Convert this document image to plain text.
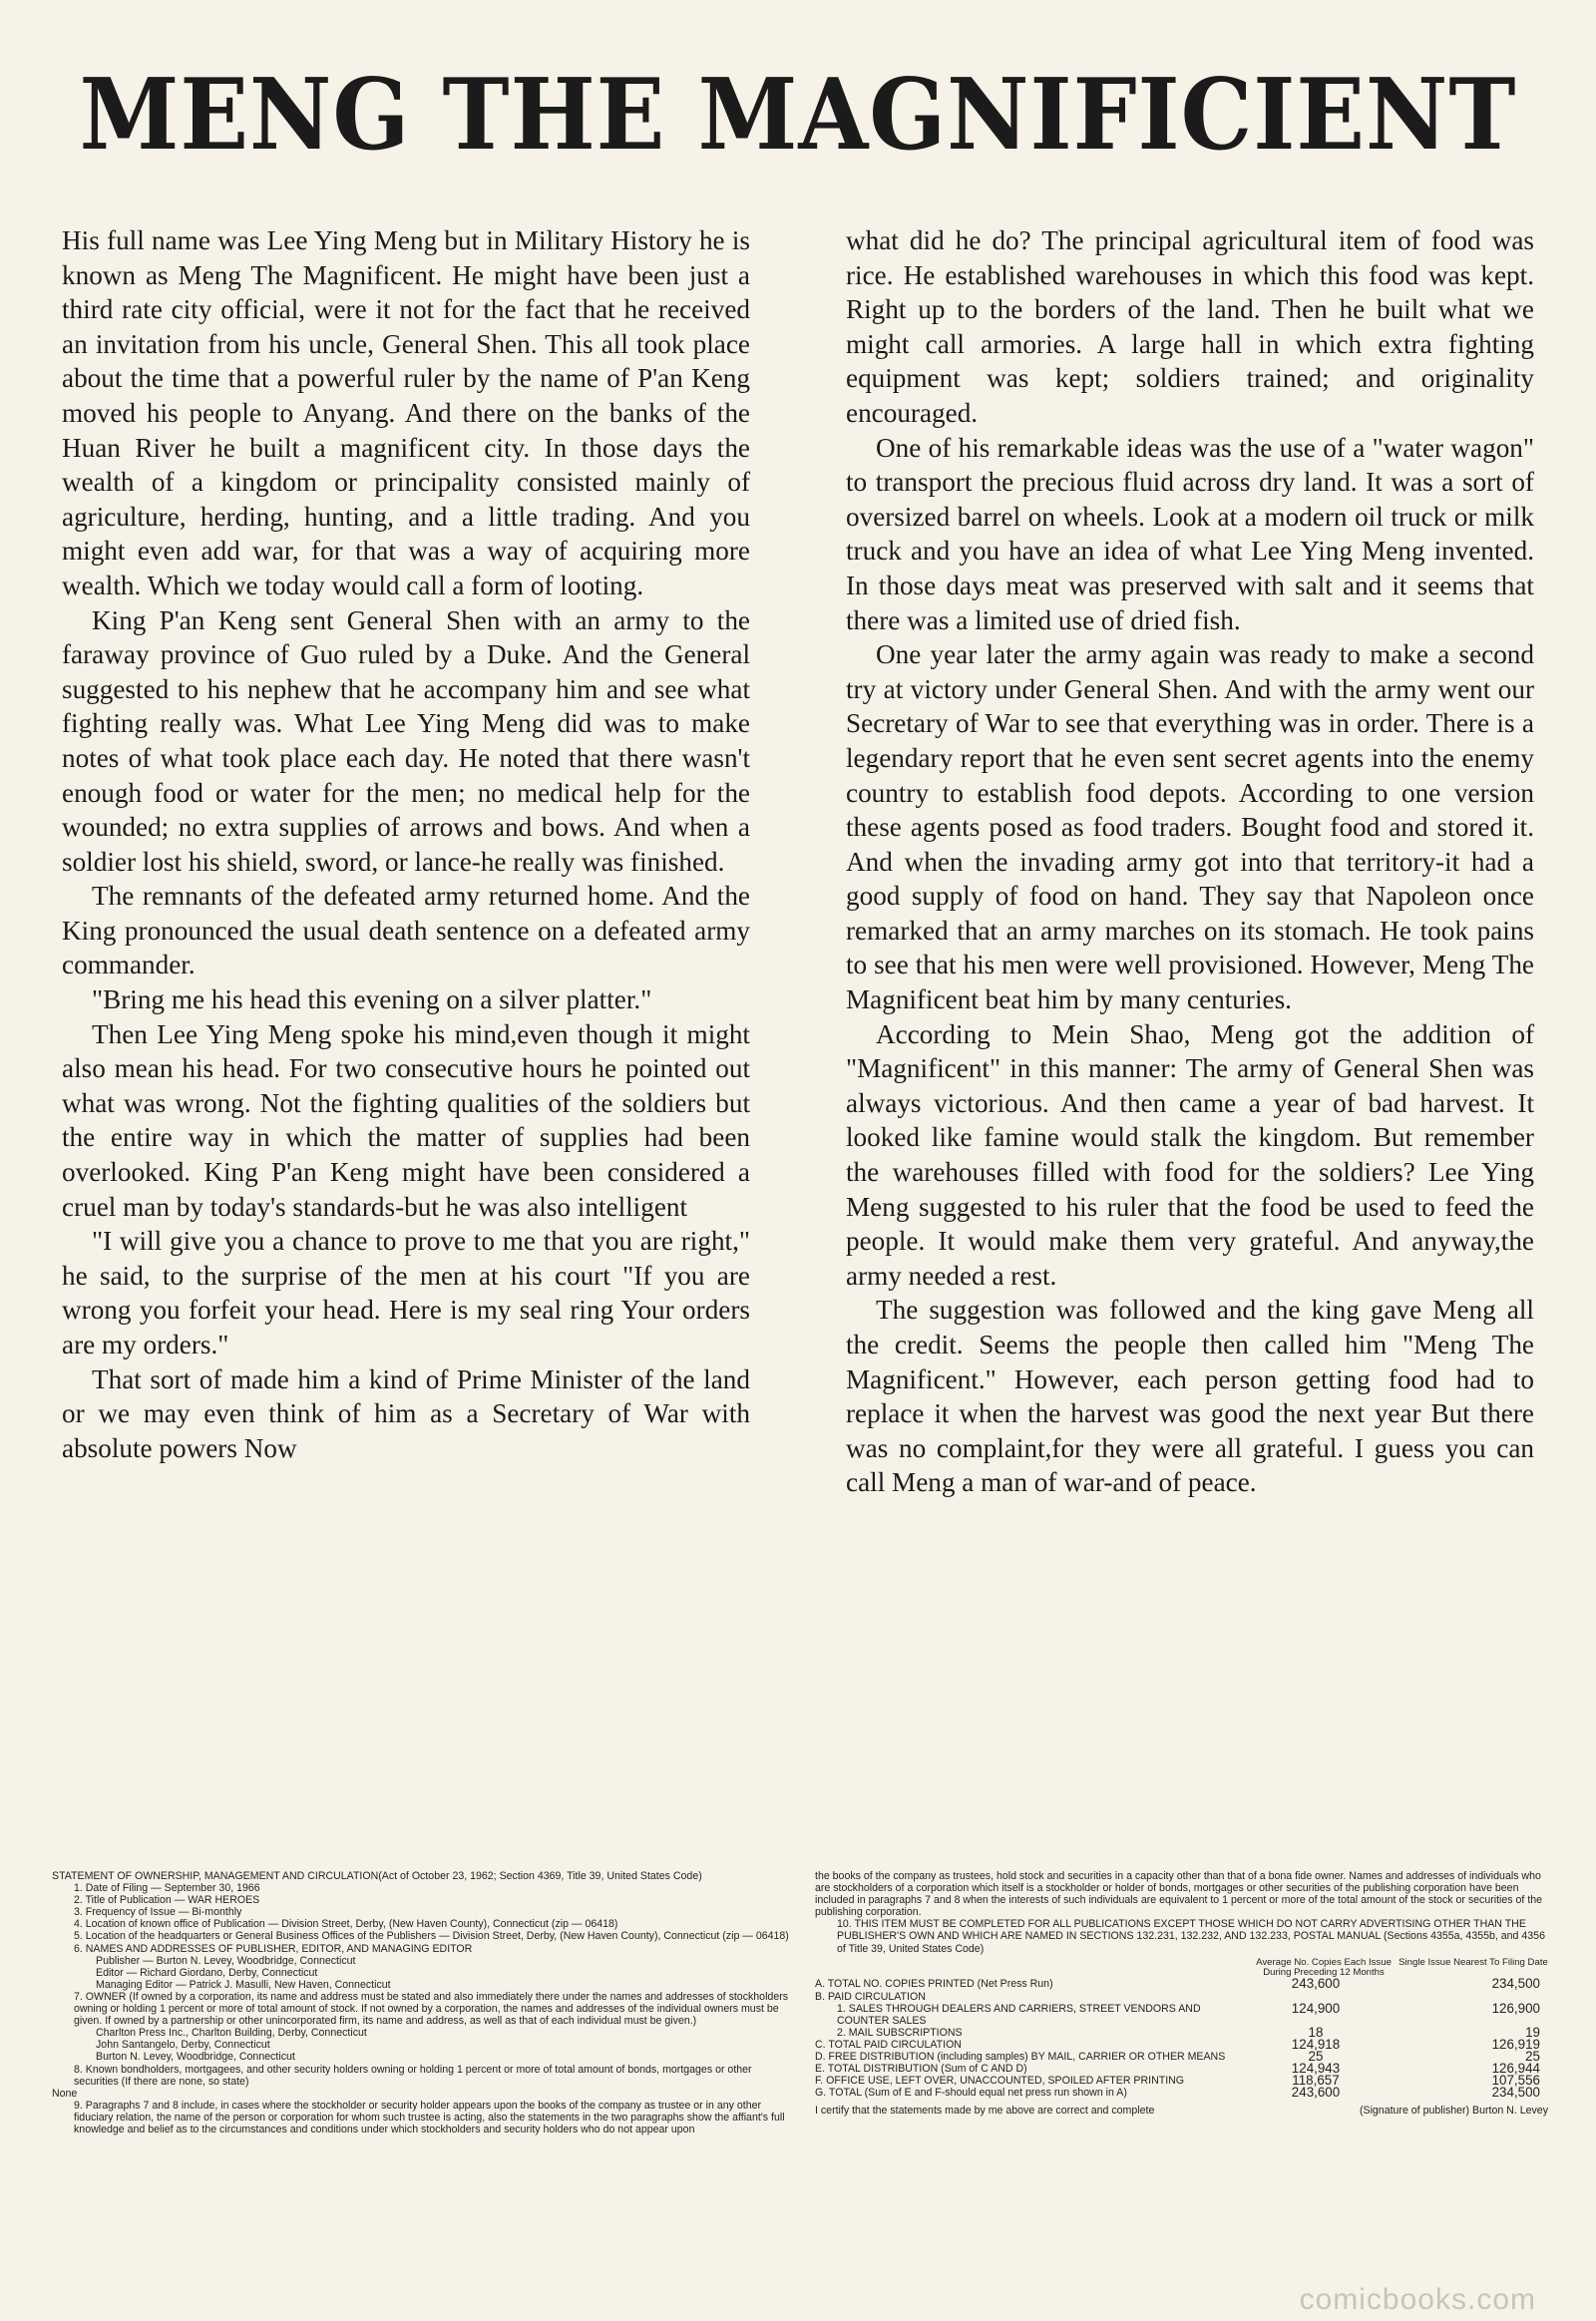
MENG THE MAGNIFICIENT

His full name was Lee Ying Meng but in Military History he is known as Meng The Magnificent. He might have been just a third rate city official, were it not for the fact that he received an invitation from his uncle, General Shen. This all took place about the time that a powerful ruler by the name of P'an Keng moved his people to Anyang. And there on the banks of the Huan River he built a magnificent city. In those days the wealth of a kingdom or principality consisted mainly of agriculture, herding, hunting, and a little trading. And you might even add war, for that was a way of acquiring more wealth. Which we today would call a form of looting.

King P'an Keng sent General Shen with an army to the faraway province of Guo ruled by a Duke. And the General suggested to his nephew that he accompany him and see what fighting really was. What Lee Ying Meng did was to make notes of what took place each day. He noted that there wasn't enough food or water for the men; no medical help for the wounded; no extra supplies of arrows and bows. And when a soldier lost his shield, sword, or lance-he really was finished.

The remnants of the defeated army returned home. And the King pronounced the usual death sentence on a defeated army commander.

"Bring me his head this evening on a silver platter."

Then Lee Ying Meng spoke his mind,even though it might also mean his head. For two consecutive hours he pointed out what was wrong. Not the fighting qualities of the soldiers but the entire way in which the matter of supplies had been overlooked. King P'an Keng might have been considered a cruel man by today's standards-but he was also intelligent

"I will give you a chance to prove to me that you are right," he said, to the surprise of the men at his court "If you are wrong you forfeit your head. Here is my seal ring Your orders are my orders."

That sort of made him a kind of Prime Minister of the land or we may even think of him as a Secretary of War with absolute powers Now

what did he do? The principal agricultural item of food was rice. He established warehouses in which this food was kept. Right up to the borders of the land. Then he built what we might call armories. A large hall in which extra fighting equipment was kept; soldiers trained; and originality encouraged.

One of his remarkable ideas was the use of a "water wagon" to transport the precious fluid across dry land. It was a sort of oversized barrel on wheels. Look at a modern oil truck or milk truck and you have an idea of what Lee Ying Meng invented. In those days meat was preserved with salt and it seems that there was a limited use of dried fish.

One year later the army again was ready to make a second try at victory under General Shen. And with the army went our Secretary of War to see that everything was in order. There is a legendary report that he even sent secret agents into the enemy country to establish food depots. According to one version these agents posed as food traders. Bought food and stored it. And when the invading army got into that territory-it had a good supply of food on hand. They say that Napoleon once remarked that an army marches on its stomach. He took pains to see that his men were well provisioned. However, Meng The Magnificent beat him by many centuries.

According to Mein Shao, Meng got the addition of "Magnificent" in this manner: The army of General Shen was always victorious. And then came a year of bad harvest. It looked like famine would stalk the kingdom. But remember the warehouses filled with food for the soldiers? Lee Ying Meng suggested to his ruler that the food be used to feed the people. It would make them very grateful. And anyway,the army needed a rest.

The suggestion was followed and the king gave Meng all the credit. Seems the people then called him "Meng The Magnificent." However, each person getting food had to replace it when the harvest was good the next year But there was no complaint,for they were all grateful. I guess you can call Meng a man of war-and of peace.

STATEMENT OF OWNERSHIP, MANAGEMENT AND CIRCULATION(Act of October 23, 1962; Section 4369, Title 39, United States Code)

1. Date of Filing — September 30, 1966

2. Title of Publication — WAR HEROES

3. Frequency of Issue — Bi-monthly

4. Location of known office of Publication — Division Street, Derby, (New Haven County), Connecticut (zip — 06418)

5. Location of the headquarters or General Business Offices of the Publishers — Division Street, Derby, (New Haven County), Connecticut (zip — 06418)

6. NAMES AND ADDRESSES OF PUBLISHER, EDITOR, AND MANAGING EDITOR

Publisher — Burton N. Levey, Woodbridge, Connecticut

Editor — Richard Giordano, Derby, Connecticut

Managing Editor — Patrick J. Masulli, New Haven, Connecticut

7. OWNER (If owned by a corporation, its name and address must be stated and also immediately there under the names and addresses of stockholders owning or holding 1 percent or more of total amount of stock. If not owned by a corporation, the names and addresses of the individual owners must be given. If owned by a partnership or other unincorporated firm, its name and address, as well as that of each individual must be given.)

Charlton Press Inc., Charlton Building, Derby, Connecticut

John Santangelo, Derby, Connecticut

Burton N. Levey, Woodbridge, Connecticut

8. Known bondholders, mortgagees, and other security holders owning or holding 1 percent or more of total amount of bonds, mortgages or other securities (If there are none, so state)

None

9. Paragraphs 7 and 8 include, in cases where the stockholder or security holder appears upon the books of the company as trustee or in any other fiduciary relation, the name of the person or corporation for whom such trustee is acting, also the statements in the two paragraphs show the affiant's full knowledge and belief as to the circumstances and conditions under which stockholders and security holders who do not appear upon

the books of the company as trustees, hold stock and securities in a capacity other than that of a bona fide owner. Names and addresses of individuals who are stockholders of a corporation which itself is a stockholder or holder of bonds, mortgages or other securities of the publishing corporation have been included in paragraphs 7 and 8 when the interests of such individuals are equivalent to 1 percent or more of the total amount of the stock or securities of the publishing corporation.

10. THIS ITEM MUST BE COMPLETED FOR ALL PUBLICATIONS EXCEPT THOSE WHICH DO NOT CARRY ADVERTISING OTHER THAN THE PUBLISHER'S OWN AND WHICH ARE NAMED IN SECTIONS 132.231, 132.232, AND 132.233, POSTAL MANUAL (Sections 4355a, 4355b, and 4356 of Title 39, United States Code)

Average No. Copies Each Issue During Preceding 12 Months
Single Issue Nearest To Filing Date
A. TOTAL NO. COPIES PRINTED (Net Press Run)	243,600	234,500
B. PAID CIRCULATION
1. SALES THROUGH DEALERS AND CARRIERS, STREET VENDORS AND COUNTER SALES
124,900	126,900
2. MAIL SUBSCRIPTIONS	18	19
C. TOTAL PAID CIRCULATION	124,918	126,919
D. FREE DISTRIBUTION (including samples) BY MAIL, CARRIER OR OTHER MEANS	25	25
E. TOTAL DISTRIBUTION (Sum of C AND D)	124,943	126,944
F. OFFICE USE, LEFT OVER, UNACCOUNTED, SPOILED AFTER PRINTING	118,657	107,556
G. TOTAL (Sum of E and F-should equal net press run shown in A)	243,600	234,500
I certify that the statements made by me above are correct and complete	(Signature of publisher) Burton N. Levey
comicbooks.com
